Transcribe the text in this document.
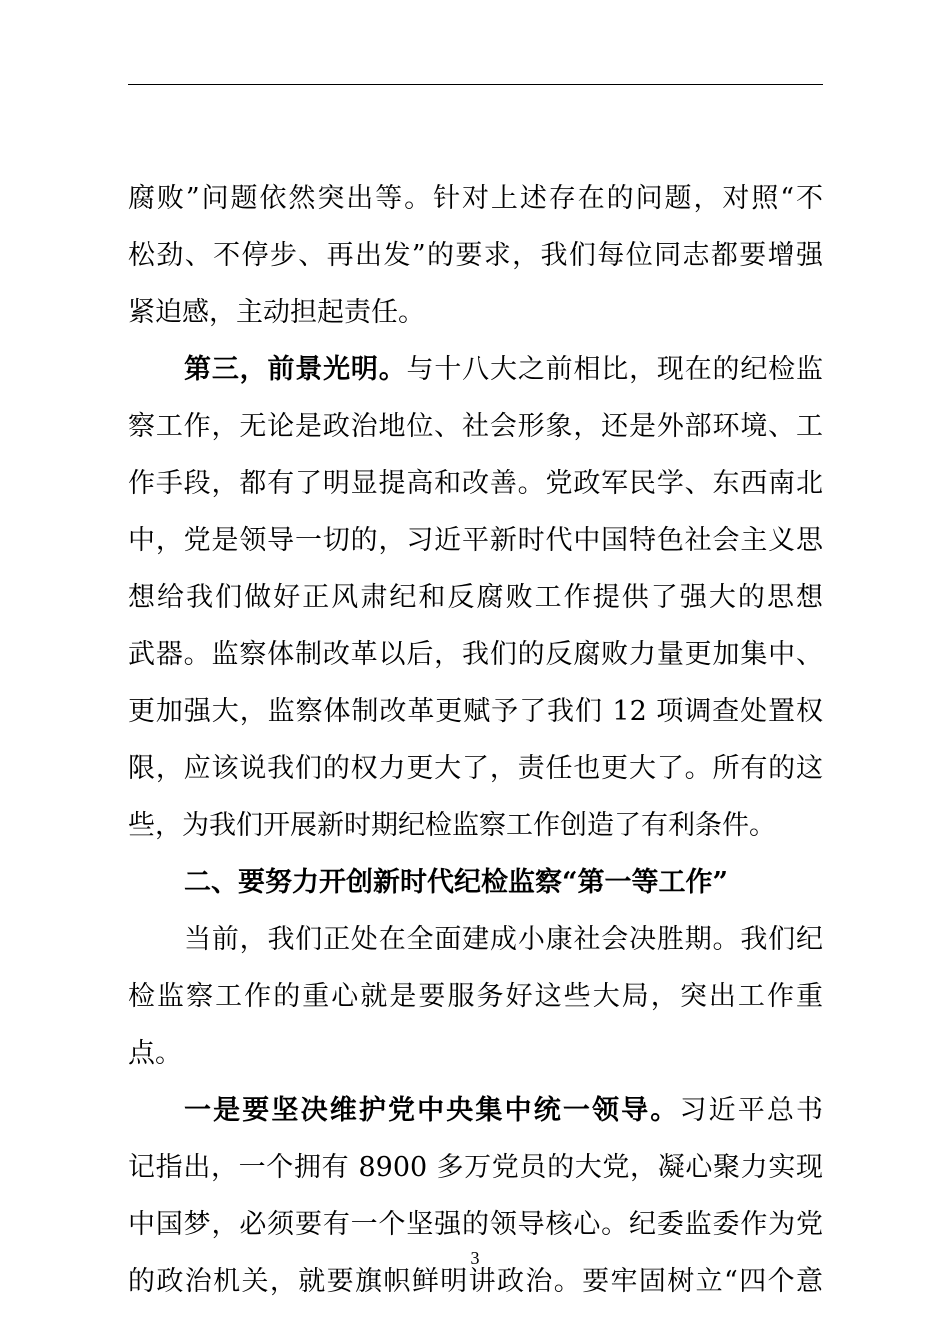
腐败”问题依然突出等。针对上述存在的问题，对照“不
松劲、不停步、再出发”的要求，我们每位同志都要增强
紧迫感，主动担起责任。
第三，前景光明。与十八大之前相比，现在的纪检监
察工作，无论是政治地位、社会形象，还是外部环境、工
作手段，都有了明显提高和改善。党政军民学、东西南北
中，党是领导一切的，习近平新时代中国特色社会主义思
想给我们做好正风肃纪和反腐败工作提供了强大的思想
武器。监察体制改革以后，我们的反腐败力量更加集中、
更加强大，监察体制改革更赋予了我们 12 项调查处置权
限，应该说我们的权力更大了，责任也更大了。所有的这
些，为我们开展新时期纪检监察工作创造了有利条件。
二、要努力开创新时代纪检监察“第一等工作”
当前，我们正处在全面建成小康社会决胜期。我们纪
检监察工作的重心就是要服务好这些大局，突出工作重
点。
一是要坚决维护党中央集中统一领导。习近平总书
记指出，一个拥有 8900 多万党员的大党，凝心聚力实现
中国梦，必须要有一个坚强的领导核心。纪委监委作为党
的政治机关，就要旗帜鲜明讲政治。要牢固树立“四个意
3
